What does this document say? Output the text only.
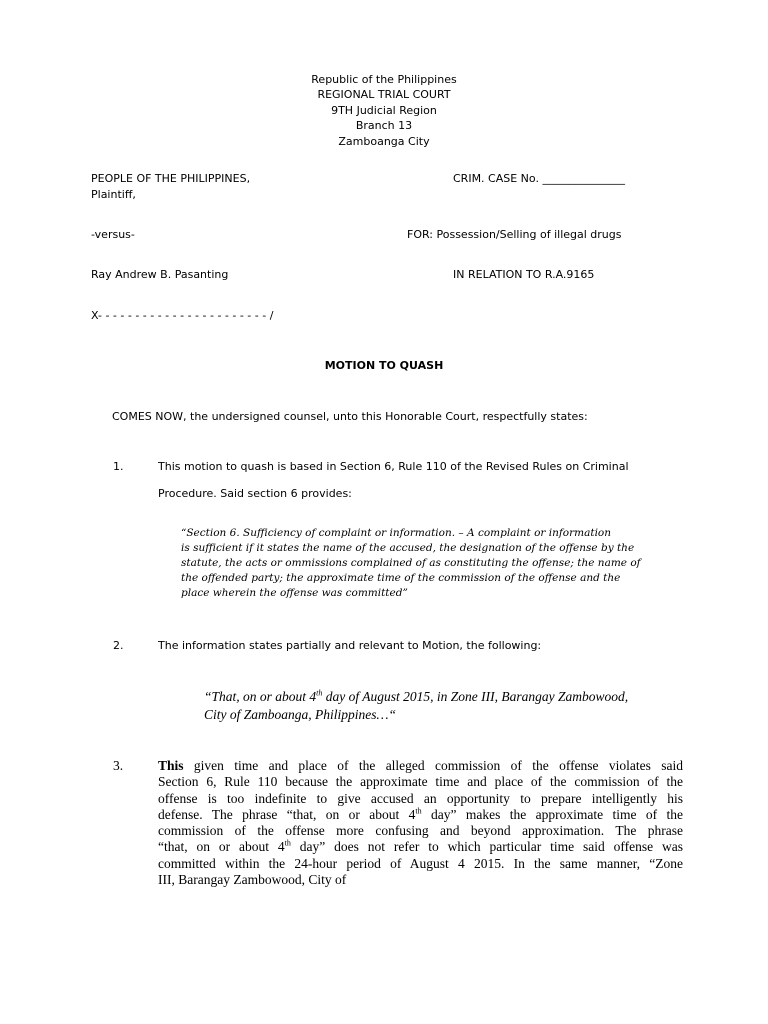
Republic of the Philippines
REGIONAL TRIAL COURT
9TH Judicial Region
Branch 13
Zamboanga City
PEOPLE OF THE PHILIPPINES,
Plaintiff,
CRIM. CASE No. _______________
-versus-	FOR: Possession/Selling of illegal drugs
Ray Andrew B. Pasanting	IN RELATION TO R.A.9165
X- - - - - - - - - - - - - - - - - - - - - - - /
MOTION TO QUASH
COMES NOW, the undersigned counsel, unto this Honorable Court, respectfully states:
1.	This motion to quash is based in Section 6, Rule 110 of the Revised Rules on Criminal
Procedure. Said section 6 provides:
“Section 6. Sufficiency of complaint or information. – A complaint or information
is sufficient if it states the name of the accused, the designation of the offense by the
statute, the acts or ommissions complained of as constituting the offense; the name of
the offended party; the approximate time of the commission of the offense and the
place wherein the offense was committed”
2.	The information states partially and relevant to Motion, the following:
“That, on or about 4th day of August 2015, in Zone III, Barangay Zambowood,
City of Zamboanga, Philippines…“
3.	This given time and place of the alleged commission of the offense violates said
Section 6, Rule 110 because the approximate time and place of the commission of the
offense is too indefinite to give accused an opportunity to prepare intelligently his
defense. The phrase “that, on or about 4th day” makes the approximate time of the
commission of the offense more confusing and beyond approximation. The phrase
“that, on or about 4th day” does not refer to which particular time said offense was
committed within the 24-hour period of August 4 2015. In the same manner, “Zone
III, Barangay Zambowood, City of
